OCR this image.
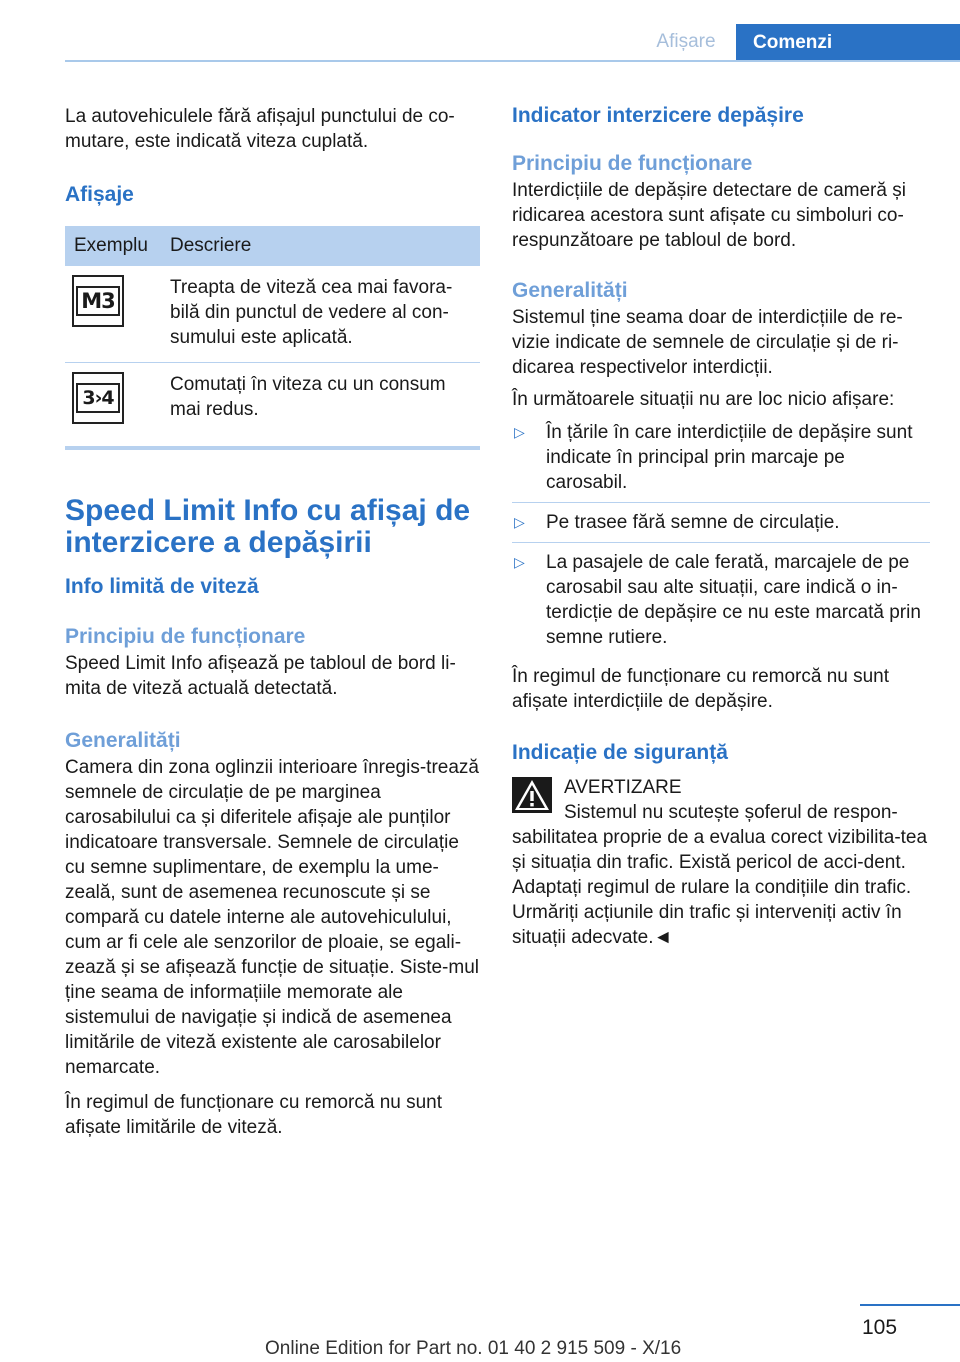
Afișare	Comenzi

La autovehiculele fără afișajul punctului de co-mutare, este indicată viteza cuplată.

Afișaje
Exemplu	Descriere

M3	Treapta de viteză cea mai favora-bilă din punctul de vedere al con-sumului este aplicată.

3›4	Comutați în viteza cu un consum mai redus.
Speed Limit Info cu afișaj de interzicere a depășirii
Info limită de viteză
Principiu de funcționare

Speed Limit Info afișează pe tabloul de bord li-mita de viteză actuală detectată.

Generalități

Camera din zona oglinzii interioare înregis-trează semnele de circulație de pe marginea carosabilului ca și diferitele afișaje ale punților indicatoare transversale. Semnele de circulație cu semne suplimentare, de exemplu la ume-zeală, sunt de asemenea recunoscute și se compară cu datele interne ale autovehiculului, cum ar fi cele ale senzorilor de ploaie, se egali-zează și se afișează funcție de situație. Siste-mul ține seama de informațiile memorate ale sistemului de navigație și indică de asemenea limitările de viteză existente ale carosabilelor nemarcate.

În regimul de funcționare cu remorcă nu sunt afișate limitările de viteză.

Indicator interzicere depășire
Principiu de funcționare

Interdicțiile de depășire detectare de cameră și ridicarea acestora sunt afișate cu simboluri co-respunzătoare pe tabloul de bord.

Generalități

Sistemul ține seama doar de interdicțiile de re-vizie indicate de semnele de circulație și de ri-dicarea respectivelor interdicții.

În următoarele situații nu are loc nicio afișare:

▷ În țările în care interdicțiile de depășire sunt indicate în principal prin marcaje pe carosabil.
▷ Pe trasee fără semne de circulație.
▷ La pasajele de cale ferată, marcajele de pe carosabil sau alte situații, care indică o in-terdicție de depășire ce nu este marcată prin semne rutiere.

În regimul de funcționare cu remorcă nu sunt afișate interdicțiile de depășire.

Indicație de siguranță

AVERTIZARE

Sistemul nu scutește șoferul de respon-

sabilitatea proprie de a evalua corect vizibilita-tea și situația din trafic. Există pericol de acci-dent. Adaptați regimul de rulare la condițiile din trafic. Urmăriți acțiunile din trafic și interveniți activ în situații adecvate.◄

105
Online Edition for Part no. 01 40 2 915 509 - X/16
